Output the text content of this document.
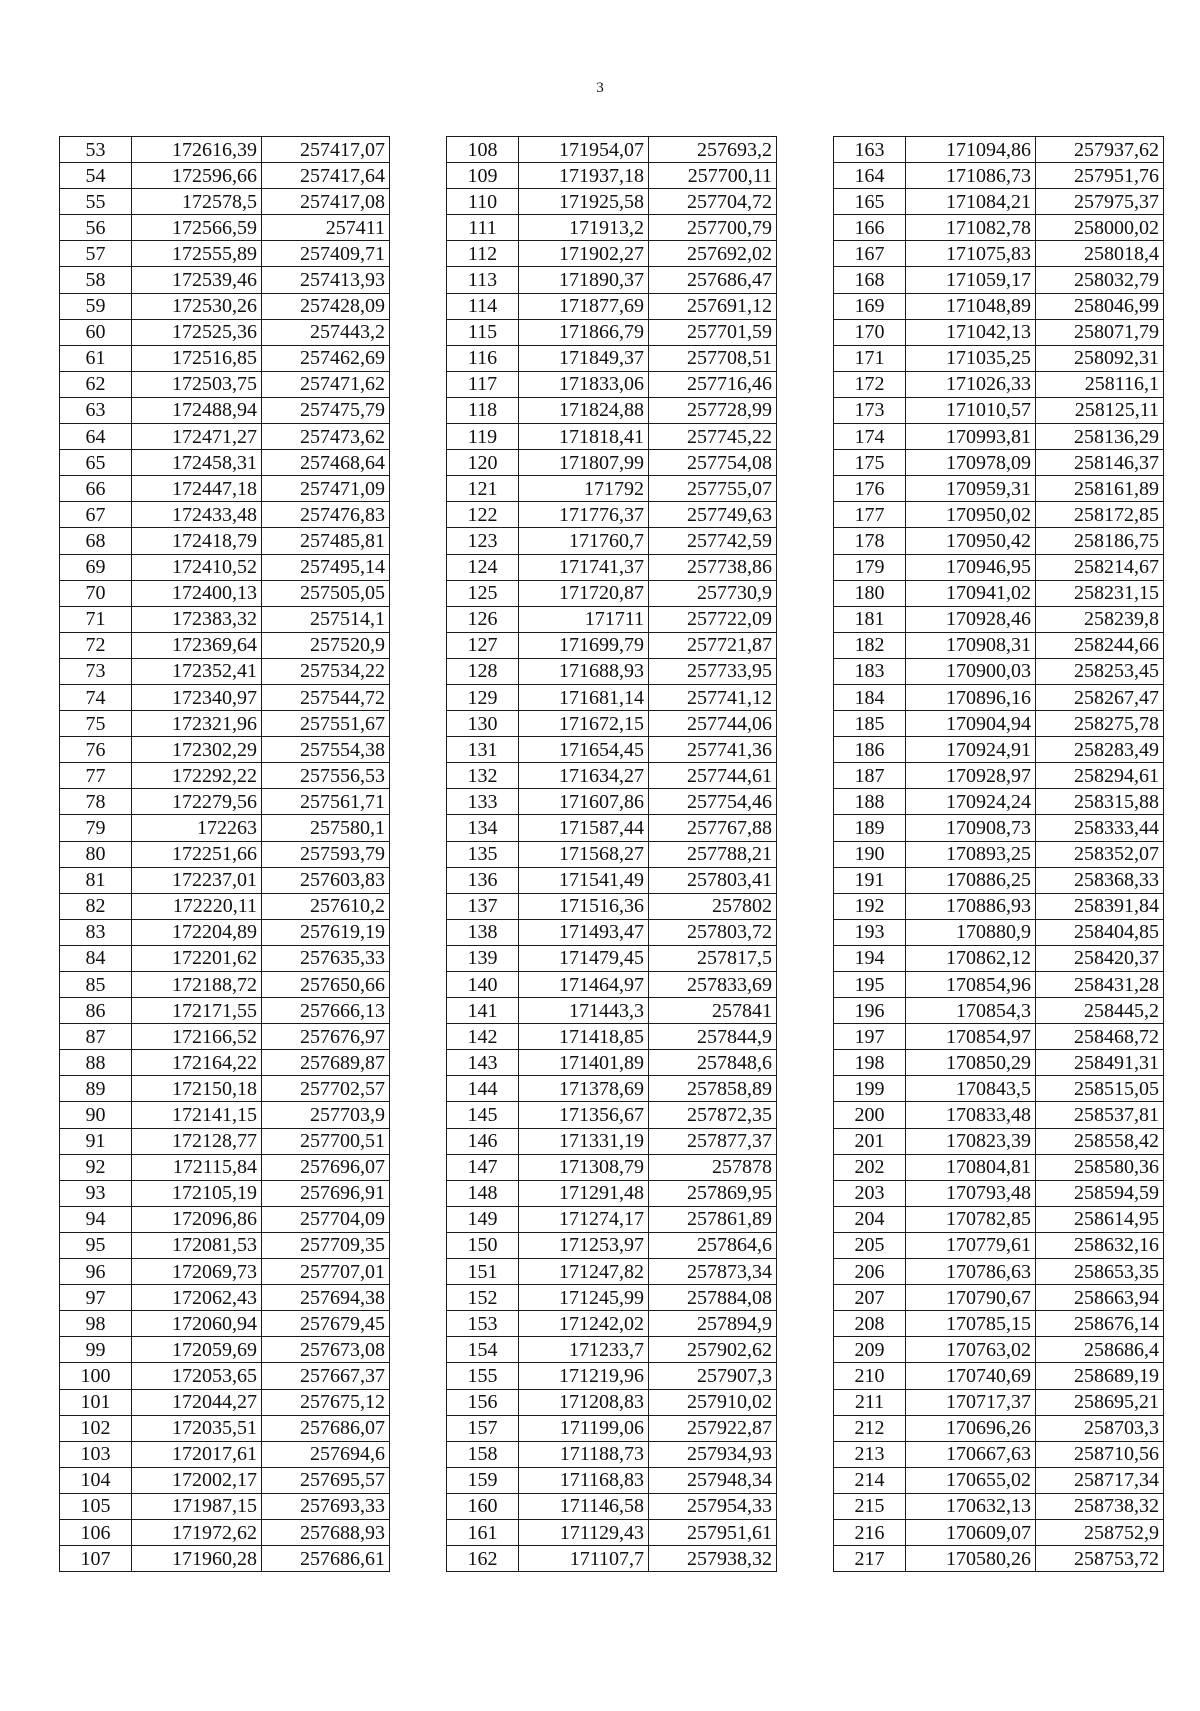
3
53	172616,39	257417,07
54	172596,66	257417,64
55	172578,5	257417,08
56	172566,59	257411
57	172555,89	257409,71
58	172539,46	257413,93
59	172530,26	257428,09
60	172525,36	257443,2
61	172516,85	257462,69
62	172503,75	257471,62
63	172488,94	257475,79
64	172471,27	257473,62
65	172458,31	257468,64
66	172447,18	257471,09
67	172433,48	257476,83
68	172418,79	257485,81
69	172410,52	257495,14
70	172400,13	257505,05
71	172383,32	257514,1
72	172369,64	257520,9
73	172352,41	257534,22
74	172340,97	257544,72
75	172321,96	257551,67
76	172302,29	257554,38
77	172292,22	257556,53
78	172279,56	257561,71
79	172263	257580,1
80	172251,66	257593,79
81	172237,01	257603,83
82	172220,11	257610,2
83	172204,89	257619,19
84	172201,62	257635,33
85	172188,72	257650,66
86	172171,55	257666,13
87	172166,52	257676,97
88	172164,22	257689,87
89	172150,18	257702,57
90	172141,15	257703,9
91	172128,77	257700,51
92	172115,84	257696,07
93	172105,19	257696,91
94	172096,86	257704,09
95	172081,53	257709,35
96	172069,73	257707,01
97	172062,43	257694,38
98	172060,94	257679,45
99	172059,69	257673,08
100	172053,65	257667,37
101	172044,27	257675,12
102	172035,51	257686,07
103	172017,61	257694,6
104	172002,17	257695,57
105	171987,15	257693,33
106	171972,62	257688,93
107	171960,28	257686,61
108	171954,07	257693,2
109	171937,18	257700,11
110	171925,58	257704,72
111	171913,2	257700,79
112	171902,27	257692,02
113	171890,37	257686,47
114	171877,69	257691,12
115	171866,79	257701,59
116	171849,37	257708,51
117	171833,06	257716,46
118	171824,88	257728,99
119	171818,41	257745,22
120	171807,99	257754,08
121	171792	257755,07
122	171776,37	257749,63
123	171760,7	257742,59
124	171741,37	257738,86
125	171720,87	257730,9
126	171711	257722,09
127	171699,79	257721,87
128	171688,93	257733,95
129	171681,14	257741,12
130	171672,15	257744,06
131	171654,45	257741,36
132	171634,27	257744,61
133	171607,86	257754,46
134	171587,44	257767,88
135	171568,27	257788,21
136	171541,49	257803,41
137	171516,36	257802
138	171493,47	257803,72
139	171479,45	257817,5
140	171464,97	257833,69
141	171443,3	257841
142	171418,85	257844,9
143	171401,89	257848,6
144	171378,69	257858,89
145	171356,67	257872,35
146	171331,19	257877,37
147	171308,79	257878
148	171291,48	257869,95
149	171274,17	257861,89
150	171253,97	257864,6
151	171247,82	257873,34
152	171245,99	257884,08
153	171242,02	257894,9
154	171233,7	257902,62
155	171219,96	257907,3
156	171208,83	257910,02
157	171199,06	257922,87
158	171188,73	257934,93
159	171168,83	257948,34
160	171146,58	257954,33
161	171129,43	257951,61
162	171107,7	257938,32
163	171094,86	257937,62
164	171086,73	257951,76
165	171084,21	257975,37
166	171082,78	258000,02
167	171075,83	258018,4
168	171059,17	258032,79
169	171048,89	258046,99
170	171042,13	258071,79
171	171035,25	258092,31
172	171026,33	258116,1
173	171010,57	258125,11
174	170993,81	258136,29
175	170978,09	258146,37
176	170959,31	258161,89
177	170950,02	258172,85
178	170950,42	258186,75
179	170946,95	258214,67
180	170941,02	258231,15
181	170928,46	258239,8
182	170908,31	258244,66
183	170900,03	258253,45
184	170896,16	258267,47
185	170904,94	258275,78
186	170924,91	258283,49
187	170928,97	258294,61
188	170924,24	258315,88
189	170908,73	258333,44
190	170893,25	258352,07
191	170886,25	258368,33
192	170886,93	258391,84
193	170880,9	258404,85
194	170862,12	258420,37
195	170854,96	258431,28
196	170854,3	258445,2
197	170854,97	258468,72
198	170850,29	258491,31
199	170843,5	258515,05
200	170833,48	258537,81
201	170823,39	258558,42
202	170804,81	258580,36
203	170793,48	258594,59
204	170782,85	258614,95
205	170779,61	258632,16
206	170786,63	258653,35
207	170790,67	258663,94
208	170785,15	258676,14
209	170763,02	258686,4
210	170740,69	258689,19
211	170717,37	258695,21
212	170696,26	258703,3
213	170667,63	258710,56
214	170655,02	258717,34
215	170632,13	258738,32
216	170609,07	258752,9
217	170580,26	258753,72
